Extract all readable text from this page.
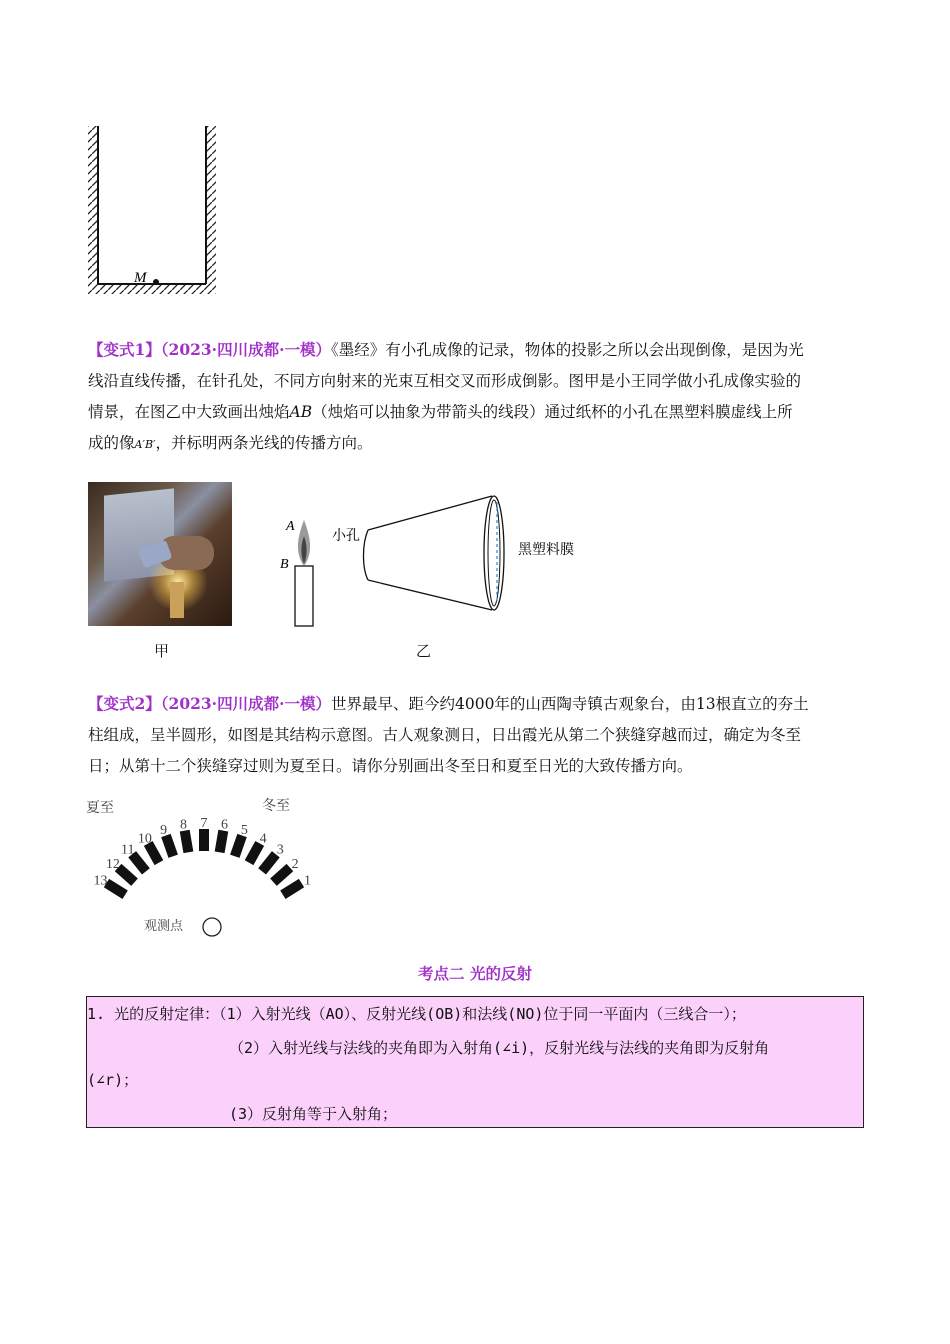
M
【变式1】（2023·四川成都·一模）《墨经》有小孔成像的记录，物体的投影之所以会出现倒像，是因为光
线沿直线传播，在针孔处，不同方向射来的光束互相交叉而形成倒影。图甲是小王同学做小孔成像实验的
情景，在图乙中大致画出烛焰AB（烛焰可以抽象为带箭头的线段）通过纸杯的小孔在黑塑料膜虚线上所
成的像A′B′，并标明两条光线的传播方向。
甲
A
B
小孔
黑塑料膜
乙
【变式2】（2023·四川成都·一模）世界最早、距今约4000年的山西陶寺镇古观象台，由13根直立的夯土
柱组成，呈半圆形，如图是其结构示意图。古人观象测日，日出霞光从第二个狭缝穿越而过，确定为冬至
日；从第十二个狭缝穿过则为夏至日。请你分别画出冬至日和夏至日光的大致传播方向。
夏至	冬至
13
12
11
10
9 8 7 6 5
4
3
2
1
观测点
考点二 光的反射
1. 光的反射定律：（1）入射光线（AO）、反射光线(OB)和法线(NO)位于同一平面内（三线合一）；
（2）入射光线与法线的夹角即为入射角(∠i)，反射光线与法线的夹角即为反射角
(∠r)；
(3）反射角等于入射角；
